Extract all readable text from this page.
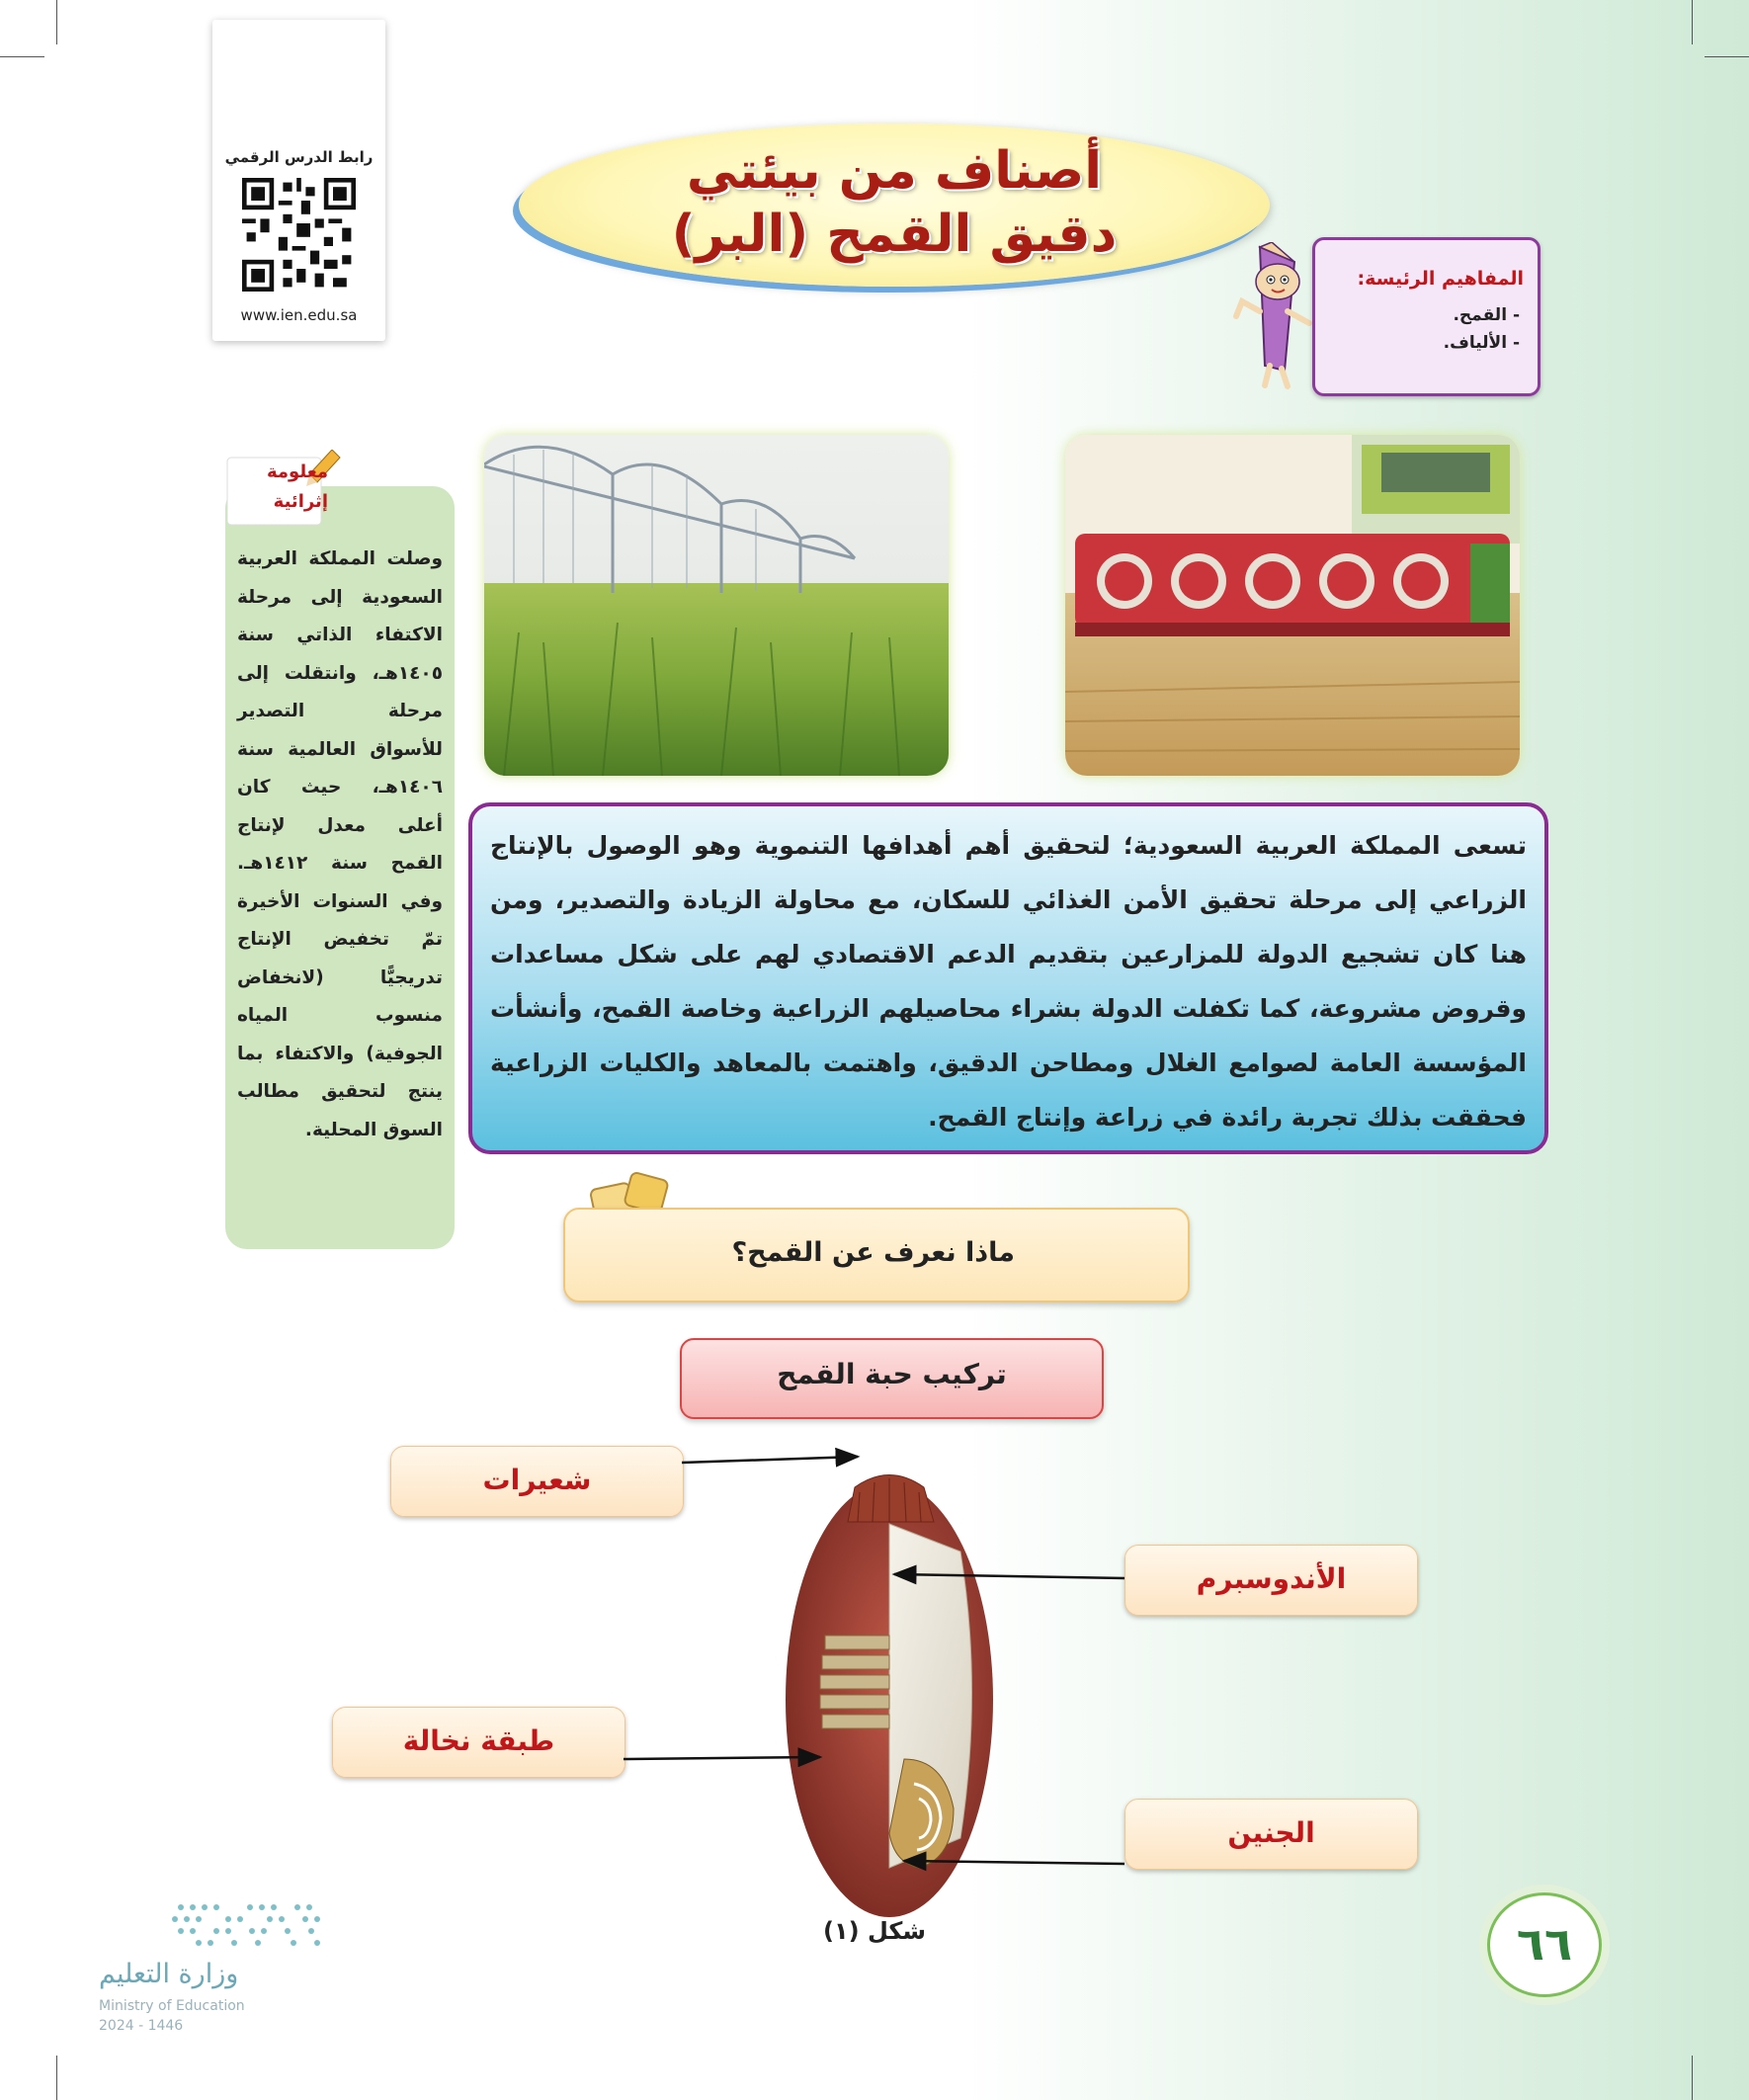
رابط الدرس الرقمي
www.ien.edu.sa
أصناف من بيئتي
دقيق القمح (البر)
المفاهيم الرئيسة:
- القمح.
- الألياف.
وصلت المملكة العربية السعودية إلى مرحلة الاكتفاء الذاتي سنة ١٤٠٥هـ، وانتقلت إلى مرحلة التصدير للأسواق العالمية سنة ١٤٠٦هـ، حيث كان أعلى معدل لإنتاج القمح سنة ١٤١٢هـ. وفي السنوات الأخيرة تمّ تخفيض الإنتاج تدريجيًّا (لانخفاض منسوب المياه الجوفية) والاكتفاء بما ينتج لتحقيق مطالب السوق المحلية.
معلومة
إثرائية
تسعى المملكة العربية السعودية؛ لتحقيق أهم أهدافها التنموية وهو الوصول بالإنتاج الزراعي إلى مرحلة تحقيق الأمن الغذائي للسكان، مع محاولة الزيادة والتصدير، ومن هنا كان تشجيع الدولة للمزارعين بتقديم الدعم الاقتصادي لهم على شكل مساعدات وقروض مشروعة، كما تكفلت الدولة بشراء محاصيلهم الزراعية وخاصة القمح، وأنشأت المؤسسة العامة لصوامع الغلال ومطاحن الدقيق، واهتمت بالمعاهد والكليات الزراعية فحققت بذلك تجربة رائدة في زراعة وإنتاج القمح.
ماذا نعرف عن القمح؟
تركيب حبة القمح
شعيرات
الأندوسبرم
طبقة نخالة
الجنين
شكل (١)	٦٦
وزارة التعليم
Ministry of Education
2024 - 1446
